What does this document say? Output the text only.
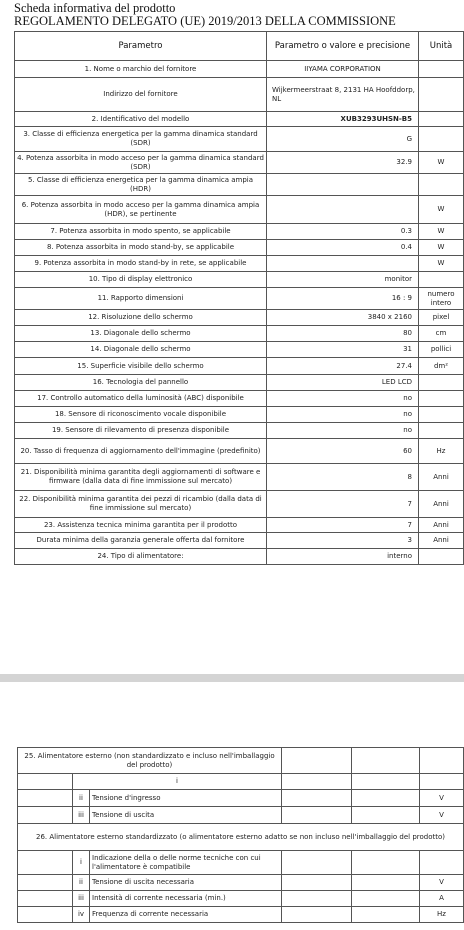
Scheda informativa del prodotto
REGOLAMENTO DELEGATO (UE) 2019/2013 DELLA COMMISSIONE
Parametro	Parametro o valore e precisione	Unità
1. Nome o marchio del fornitore	IIYAMA CORPORATION	
Indirizzo del fornitore	Wijkermeerstraat 8, 2131 HA Hoofddorp, NL	
2. Identificativo del modello	XUB3293UHSN-B5	
3. Classe di efficienza energetica per la gamma dinamica standard (SDR)	G	
4. Potenza assorbita in modo acceso per la gamma dinamica standard (SDR)	32.9	W
5. Classe di efficienza energetica per la gamma dinamica ampia (HDR)		
6. Potenza assorbita in modo acceso per la gamma dinamica ampia (HDR), se pertinente		W
7. Potenza assorbita in modo spento, se applicabile	0.3	W
8. Potenza assorbita in modo stand-by, se applicabile	0.4	W
9. Potenza assorbita in modo stand-by in rete, se applicabile		W
10. Tipo di display elettronico	monitor	
11. Rapporto dimensioni	16 : 9	numero intero
12. Risoluzione dello schermo	3840 x 2160	pixel
13. Diagonale dello schermo	80	cm
14. Diagonale dello schermo	31	pollici
15. Superficie visibile dello schermo	27.4	dm²
16. Tecnologia del pannello	LED LCD	
17. Controllo automatico della luminosità (ABC) disponibile	no	
18. Sensore di riconoscimento vocale disponibile	no	
19. Sensore di rilevamento di presenza disponibile	no	
20. Tasso di frequenza di aggiornamento dell'immagine (predefinito)	60	Hz
21. Disponibilità minima garantita degli aggiornamenti di software e firmware (dalla data di fine immissione sul mercato)	8	Anni
22. Disponibilità minima garantita dei pezzi di ricambio (dalla data di fine immissione sul mercato)	7	Anni
23. Assistenza tecnica minima garantita per il prodotto	7	Anni
Durata minima della garanzia generale offerta dal fornitore	3	Anni
24. Tipo di alimentatore:	interno	
25. Alimentatore esterno (non standardizzato e incluso nell'imballaggio del prodotto)					
	i				
	ii	Tensione d'ingresso			V
	iii	Tensione di uscita			V
26. Alimentatore esterno standardizzato (o alimentatore esterno adatto se non incluso nell'imballaggio del prodotto)					
	i	Indicazione della o delle norme tecniche con cui l'alimentatore è compatibile			
	ii	Tensione di uscita necessaria			V
	iii	Intensità di corrente necessaria (min.)			A
	iv	Frequenza di corrente necessaria			Hz
